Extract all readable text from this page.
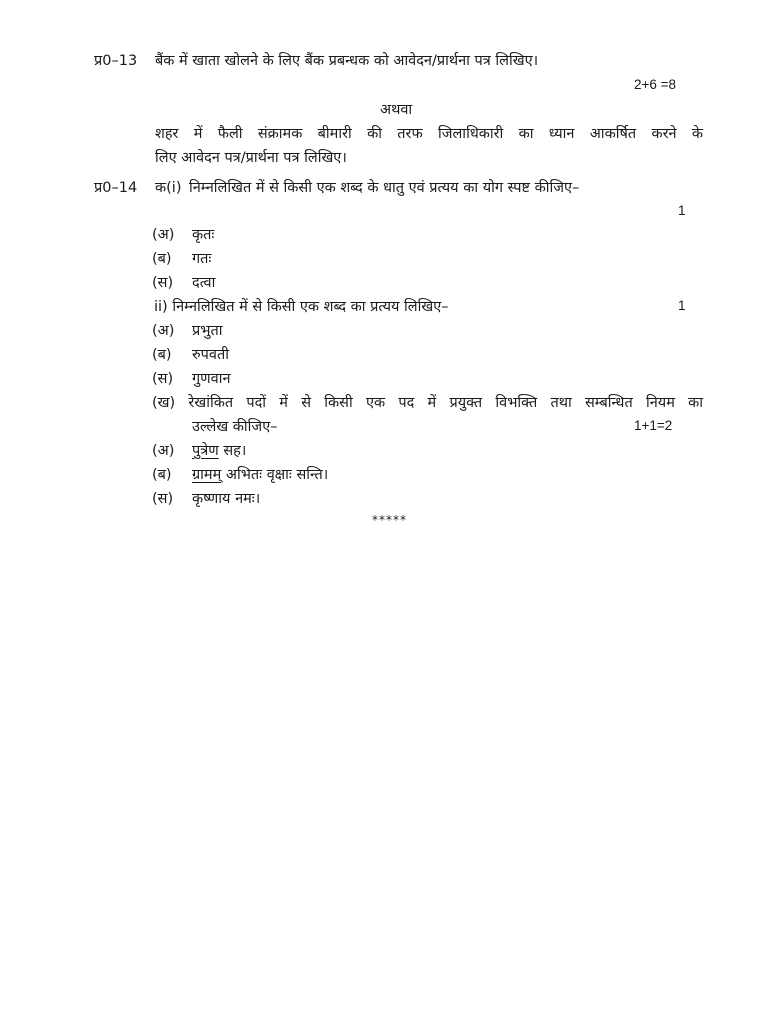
प्र0–13 बैंक में खाता खोलने के लिए बैंक प्रबन्धक को आवेदन/प्रार्थना पत्र लिखिए।
2+6 =8
अथवा
शहर में फैली संक्रामक बीमारी की तरफ जिलाधिकारी का ध्यान आकर्षित करने के
लिए आवेदन पत्र/प्रार्थना पत्र लिखिए।
प्र0–14 क(i) निम्नलिखित में से किसी एक शब्द के धातु एवं प्रत्यय का योग स्पष्ट कीजिए–
1
(अ) कृतः
(ब) गतः
(स) दत्वा
ii) निम्नलिखित में से किसी एक शब्द का प्रत्यय लिखिए–	1
(अ) प्रभुता
(ब) रुपवती
(स) गुणवान
(ख) रेखांकित पदों में से किसी एक पद में प्रयुक्त विभक्ति तथा सम्बन्धित नियम का
उल्लेख कीजिए–	1+1=2
(अ) पुत्रेण सह।
(ब) ग्रामम् अभितः वृक्षाः सन्ति।
(स) कृष्णाय नमः।
*****
